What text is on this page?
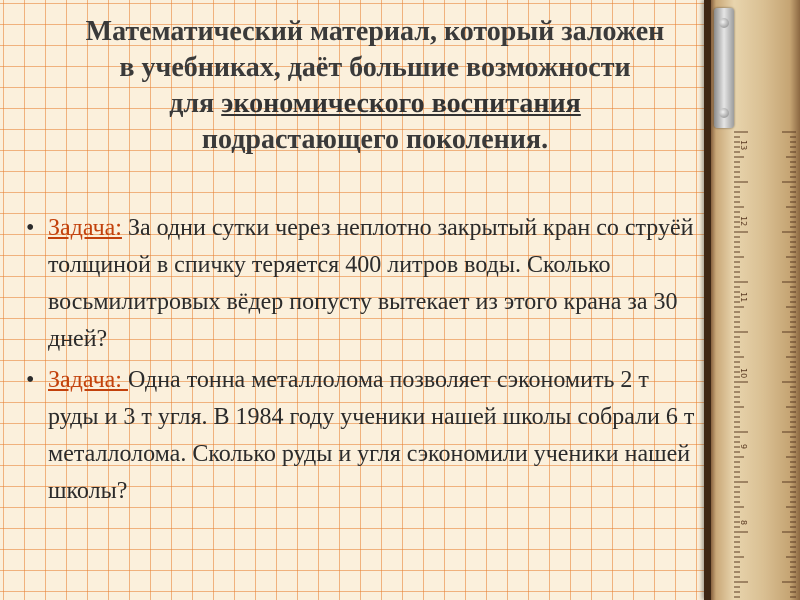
Математический материал, который заложен
в учебниках, даёт большие возможности
для экономического воспитания
подрастающего поколения.
• Задача: За одни сутки через неплотно закрытый кран со струёй толщиной в спичку теряется 400 литров воды. Сколько восьмилитровых вёдер попусту вытекает из этого крана за 30 дней?
• Задача: Одна тонна металлолома позволяет сэкономить 2 т руды и 3 т угля. В 1984 году ученики нашей школы собрали 6 т металлолома. Сколько руды и угля сэкономили ученики нашей школы?
13
12
11
10
9
8
